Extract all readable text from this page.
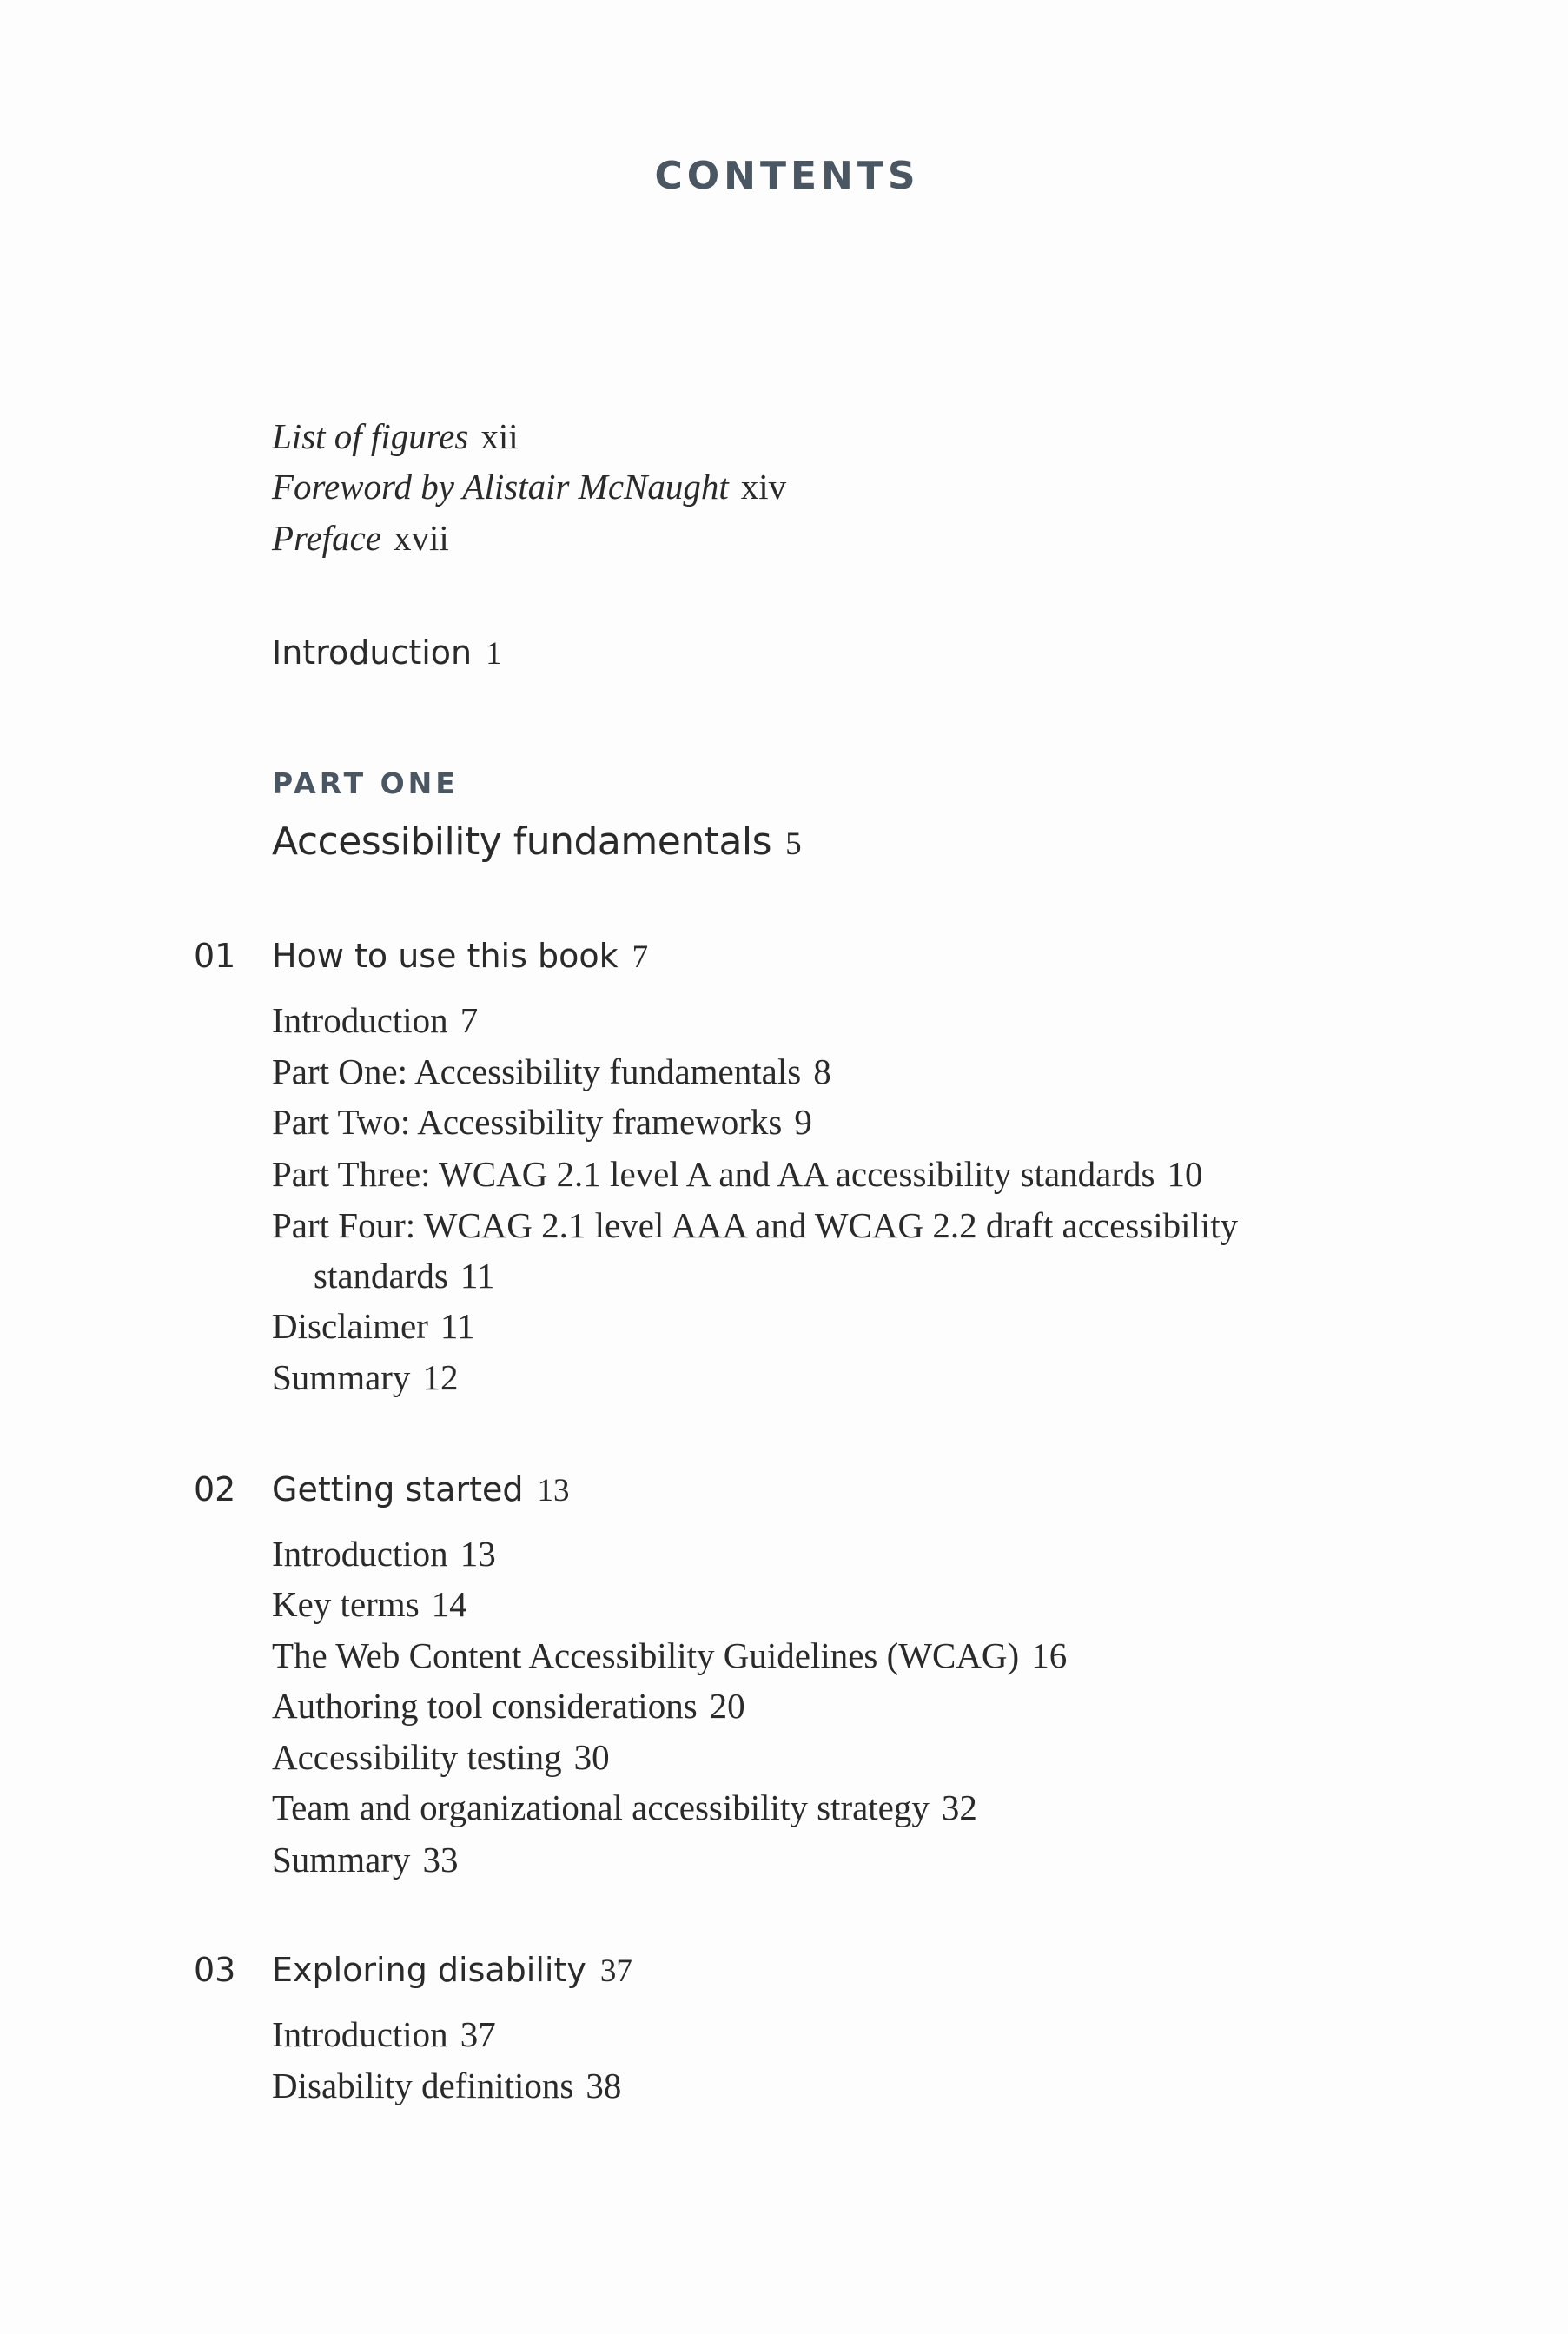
CONTENTS
List of figures xii
Foreword by Alistair McNaught xiv
Preface xvii
Introduction 1
PART ONE
Accessibility fundamentals 5
01 How to use this book 7
Introduction 7
Part One: Accessibility fundamentals 8
Part Two: Accessibility frameworks 9
Part Three: WCAG 2.1 level A and AA accessibility standards 10
Part Four: WCAG 2.1 level AAA and WCAG 2.2 draft accessibility
standards 11
Disclaimer 11
Summary 12
02 Getting started 13
Introduction 13
Key terms 14
The Web Content Accessibility Guidelines (WCAG) 16
Authoring tool considerations 20
Accessibility testing 30
Team and organizational accessibility strategy 32
Summary 33
03 Exploring disability 37
Introduction 37
Disability definitions 38
